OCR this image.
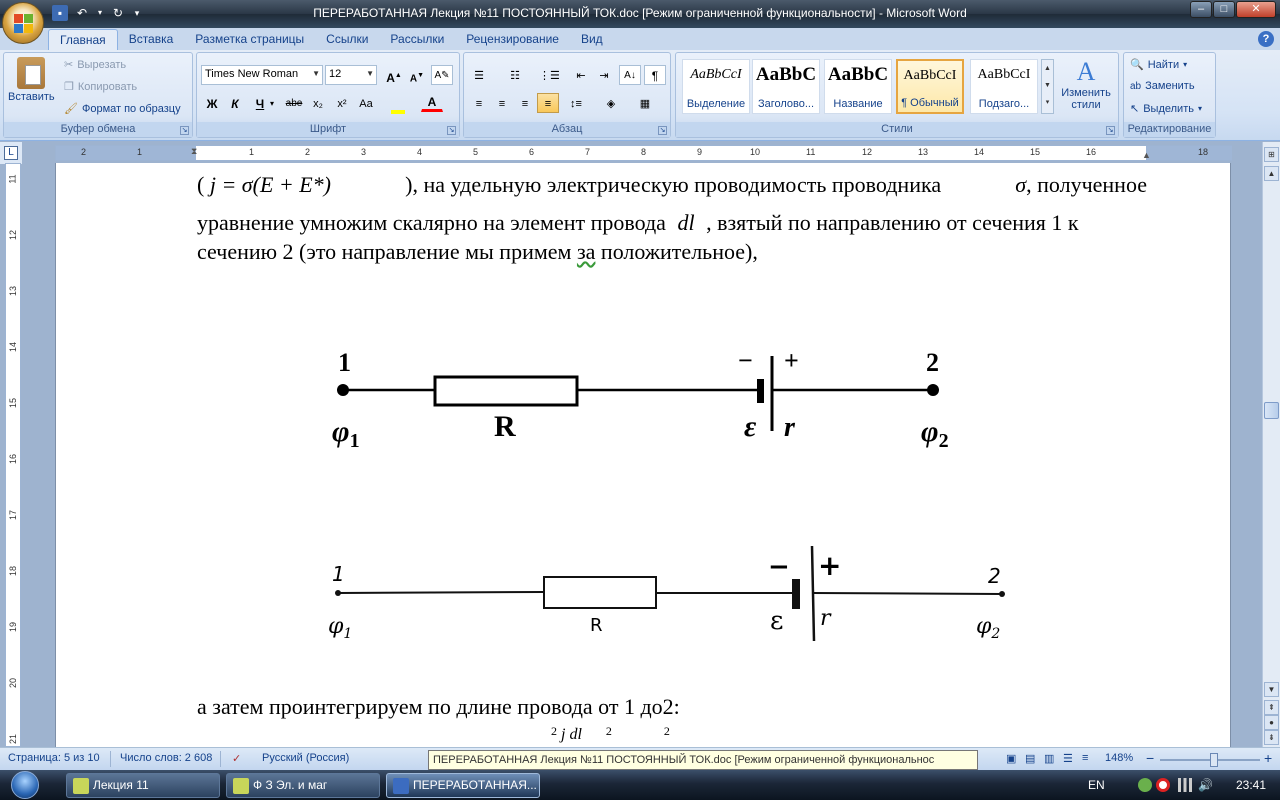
▪	↶	▾ ↻	▾	ПЕРЕРАБОТАННАЯ Лекция №11 ПОСТОЯННЫЙ ТОК.doc [Режим ограниченной функциональности] - Microsoft Word	–	□	✕
Главная	Вставка	Разметка страницы	Ссылки	Рассылки	Рецензирование	Вид	?
Вставить
✂ Вырезать
❐ Копировать
🖌 Формат по образцу
Буфер обмена	↘
Times New Roman ▼ 12	▼ A▲ A▼	A✎
Ж	К	Ч ▾	abe x₂	x²	Aa	A
Шрифт	↘
☰	☷	⋮☰	⇤	⇥	A↓	¶
≡	≡	≡	≡	↕≡	◈	▦
Абзац	↘
AaBbCcI
Выделение
AaBbC
Заголово...
AaBbC
Название
AaBbCcI
¶ Обычный
AaBbCcI
Подзаго...
▲
▼
▾
A
Изменить стили
Стили	↘
🔍 Найти ▾
ab Заменить
↖ Выделить ▾
Редактирование
L	2	1	1	2	3	4	5	6	7	8	9	10	11	12	13	14	15	16	18
⧗	▲
11
12
13
14
15
16
17
18
19
20
21
( j = σ(E + E*)	), на удельную электрическую проводимость проводника	σ, полученное
уравнение умножим скалярно на элемент провода dl , взятый по направлению от сечения 1 к
сечению 2 (это направление мы примем за положительное),
1	2
− +
R	ε r
$\varphi_1$	$\varphi_2$
1	2
− +
R	ε r
$\varphi_1$	$\varphi_2$
а затем проинтегрируем по длине провода от 1 до2:
$^2$ j dl $^2$	$^2$
⊞
▲
▼
⇞
●
⇟
Страница: 5 из 10 Число слов: 2 608 ✓ Русский (Россия)	▣ ▤ ▥ ☰ ≡ 148% −	+
ПЕРЕРАБОТАННАЯ Лекция №11 ПОСТОЯННЫЙ ТОК.doc [Режим ограниченной функциональнос
Лекция 11	Ф З Эл. и маг	ПЕРЕРАБОТАННАЯ...	EN	🔊 23:41
